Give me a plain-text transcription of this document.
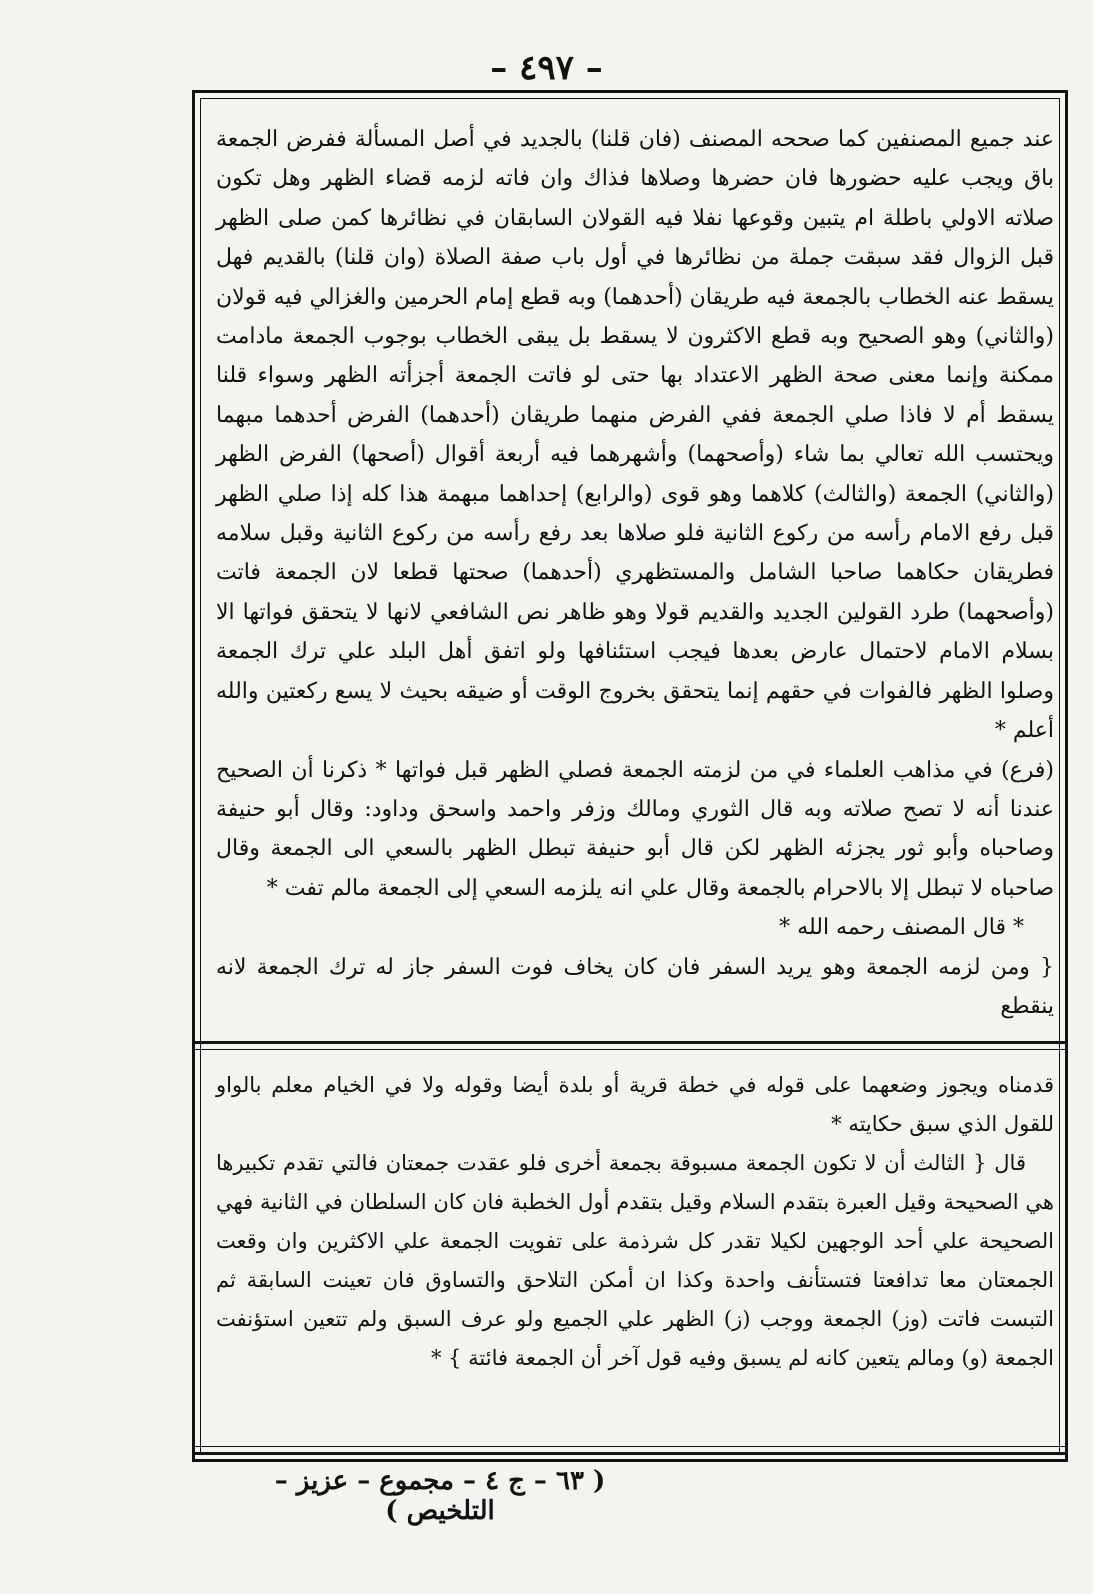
– ٤٩٧ –

عند جميع المصنفين كما صححه المصنف (فان قلنا) بالجديد في أصل المسألة ففرض الجمعة باق ويجب عليه حضورها فان حضرها وصلاها فذاك وان فاته لزمه قضاء الظهر وهل تكون صلاته الاولي باطلة ام يتبين وقوعها نفلا فيه القولان السابقان في نظائرها كمن صلى الظهر قبل الزوال فقد سبقت جملة من نظائرها في أول باب صفة الصلاة (وان قلنا) بالقديم فهل يسقط عنه الخطاب بالجمعة فيه طريقان (أحدهما) وبه قطع إمام الحرمين والغزالي فيه قولان (والثاني) وهو الصحيح وبه قطع الاكثرون لا يسقط بل يبقى الخطاب بوجوب الجمعة مادامت ممكنة وإنما معنى صحة الظهر الاعتداد بها حتى لو فاتت الجمعة أجزأته الظهر وسواء قلنا يسقط أم لا فاذا صلي الجمعة ففي الفرض منهما طريقان (أحدهما) الفرض أحدهما مبهما ويحتسب الله تعالي بما شاء (وأصحهما) وأشهرهما فيه أربعة أقوال (أصحها) الفرض الظهر (والثاني) الجمعة (والثالث) كلاهما وهو قوى (والرابع) إحداهما مبهمة هذا كله إذا صلي الظهر قبل رفع الامام رأسه من ركوع الثانية فلو صلاها بعد رفع رأسه من ركوع الثانية وقبل سلامه فطريقان حكاهما صاحبا الشامل والمستظهري (أحدهما) صحتها قطعا لان الجمعة فاتت (وأصحهما) طرد القولين الجديد والقديم قولا وهو ظاهر نص الشافعي لانها لا يتحقق فواتها الا بسلام الامام لاحتمال عارض بعدها فيجب استئنافها ولو اتفق أهل البلد علي ترك الجمعة وصلوا الظهر فالفوات في حقهم إنما يتحقق بخروج الوقت أو ضيقه بحيث لا يسع ركعتين والله أعلم *

(فرع) في مذاهب العلماء في من لزمته الجمعة فصلي الظهر قبل فواتها * ذكرنا أن الصحيح عندنا أنه لا تصح صلاته وبه قال الثوري ومالك وزفر واحمد واسحق وداود: وقال أبو حنيفة وصاحباه وأبو ثور يجزئه الظهر لكن قال أبو حنيفة تبطل الظهر بالسعي الى الجمعة وقال صاحباه لا تبطل إلا بالاحرام بالجمعة وقال علي انه يلزمه السعي إلى الجمعة مالم تفت *

* قال المصنف رحمه الله *

{ ومن لزمه الجمعة وهو يريد السفر فان كان يخاف فوت السفر جاز له ترك الجمعة لانه ينقطع

قدمناه ويجوز وضعهما على قوله في خطة قرية أو بلدة أيضا وقوله ولا في الخيام معلم بالواو للقول الذي سبق حكايته *

قال { الثالث أن لا تكون الجمعة مسبوقة بجمعة أخرى فلو عقدت جمعتان فالتي تقدم تكبيرها هي الصحيحة وقيل العبرة بتقدم السلام وقيل بتقدم أول الخطبة فان كان السلطان في الثانية فهي الصحيحة علي أحد الوجهين لكيلا تقدر كل شرذمة على تفويت الجمعة علي الاكثرين وان وقعت الجمعتان معا تدافعتا فتستأنف واحدة وكذا ان أمكن التلاحق والتساوق فان تعينت السابقة ثم التبست فاتت (وز) الجمعة ووجب (ز) الظهر علي الجميع ولو عرف السبق ولم تتعين استؤنفت الجمعة (و) ومالم يتعين كانه لم يسبق وفيه قول آخر أن الجمعة فائتة } *

( ٦٣ – ج ٤ – مجموع – عزيز – التلخيص )
